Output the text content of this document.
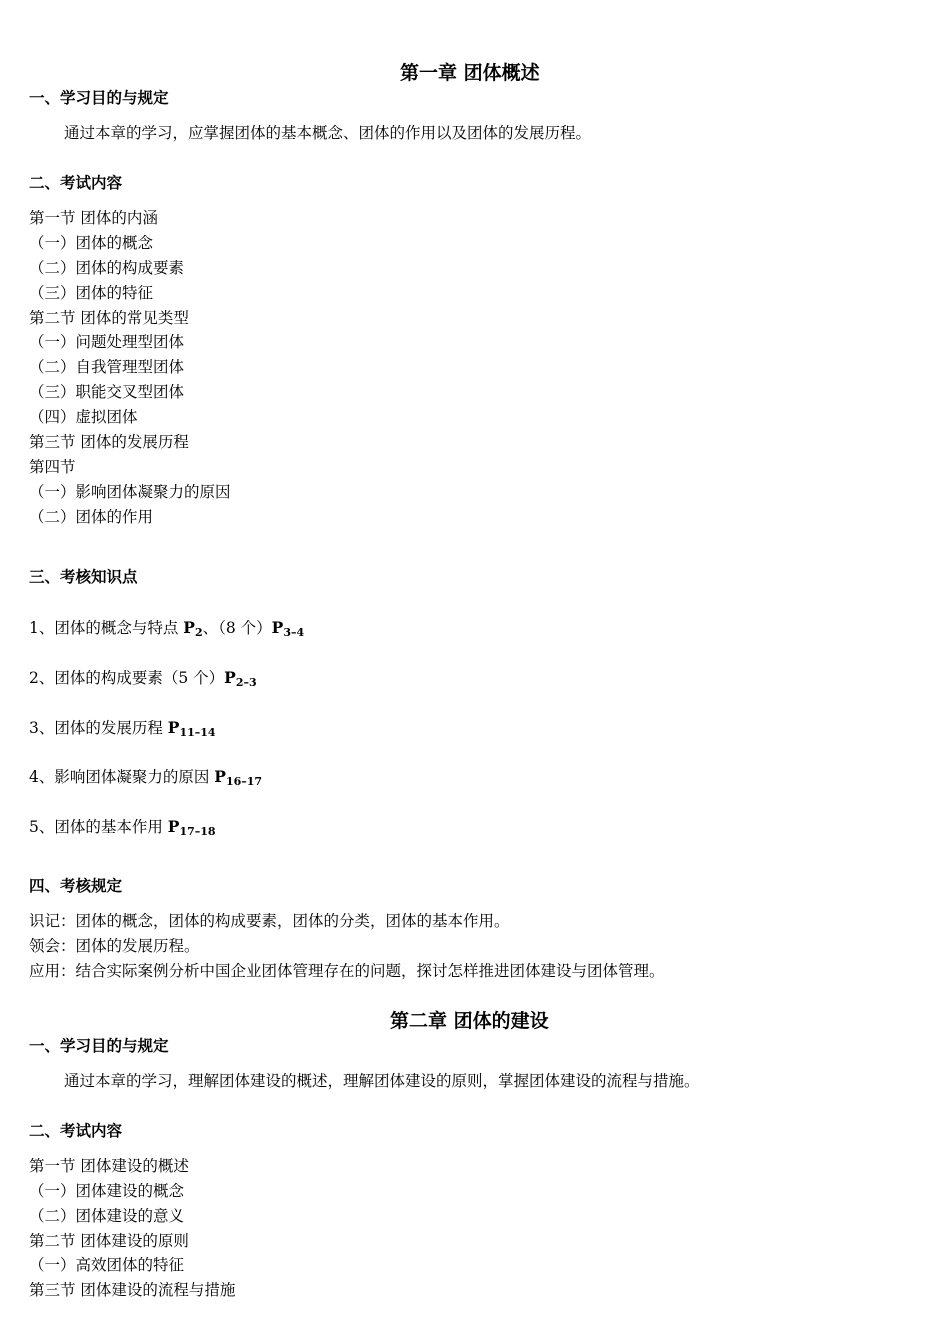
第一章 团体概述
一、学习目的与规定
通过本章的学习，应掌握团体的基本概念、团体的作用以及团体的发展历程。
二、考试内容
第一节 团体的内涵
（一）团体的概念
（二）团体的构成要素
（三）团体的特征
第二节 团体的常见类型
（一）问题处理型团体
（二）自我管理型团体
（三）职能交叉型团体
（四）虚拟团体
第三节 团体的发展历程
第四节
（一）影响团体凝聚力的原因
（二）团体的作用
三、考核知识点
1、团体的概念与特点 $P_2$、（8 个）$P_{3-4}$
2、团体的构成要素（5 个）$P_{2-3}$
3、团体的发展历程 $P_{11-14}$
4、影响团体凝聚力的原因 $P_{16-17}$
5、团体的基本作用 $P_{17-18}$
四、考核规定
识记：团体的概念，团体的构成要素，团体的分类，团体的基本作用。
领会：团体的发展历程。
应用：结合实际案例分析中国企业团体管理存在的问题，探讨怎样推进团体建设与团体管理。
第二章 团体的建设
一、学习目的与规定
通过本章的学习，理解团体建设的概述，理解团体建设的原则，掌握团体建设的流程与措施。
二、考试内容
第一节 团体建设的概述
（一）团体建设的概念
（二）团体建设的意义
第二节 团体建设的原则
（一）高效团体的特征
第三节 团体建设的流程与措施
